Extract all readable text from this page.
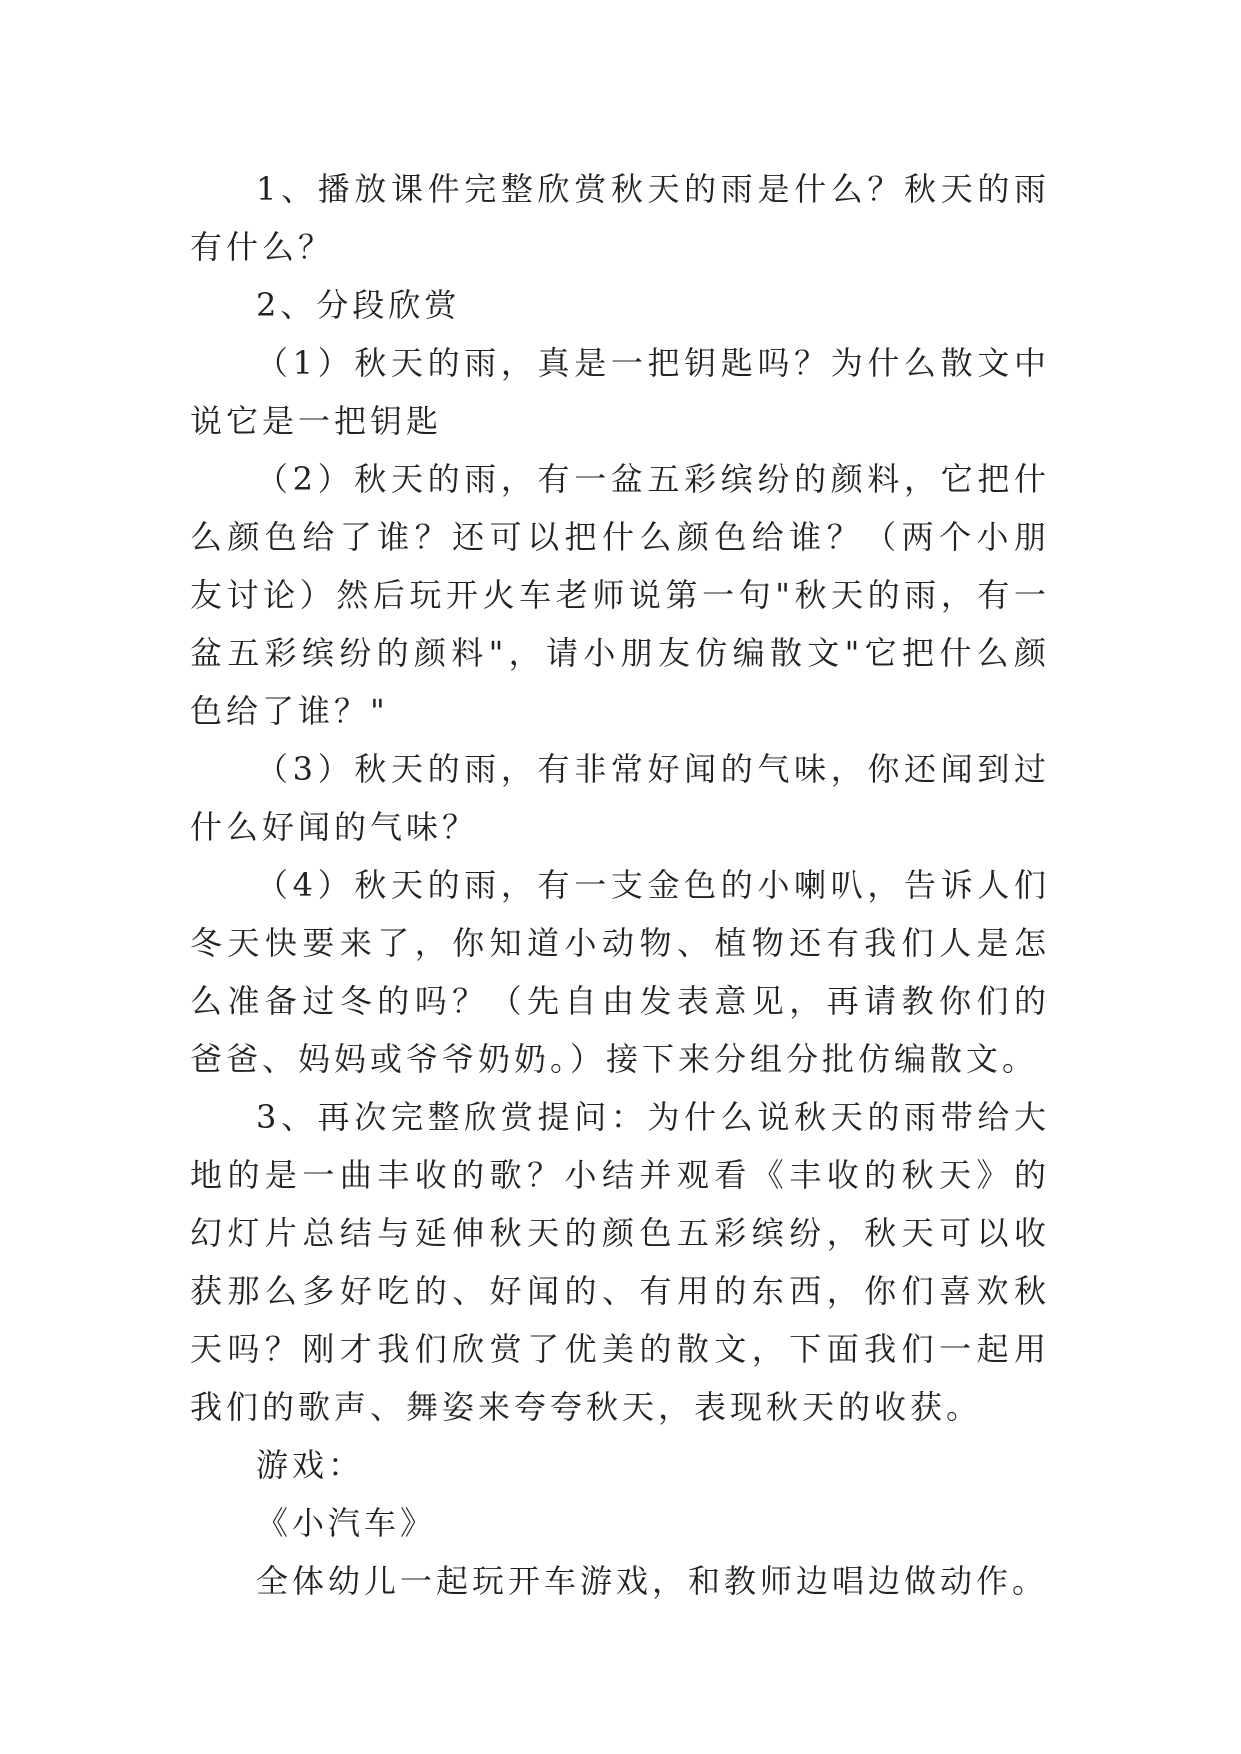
1、播放课件完整欣赏秋天的雨是什么？秋天的雨有什么？

2、分段欣赏

（1）秋天的雨，真是一把钥匙吗？为什么散文中说它是一把钥匙

（2）秋天的雨，有一盆五彩缤纷的颜料，它把什么颜色给了谁？还可以把什么颜色给谁？（两个小朋友讨论）然后玩开火车老师说第一句"秋天的雨，有一盆五彩缤纷的颜料"，请小朋友仿编散文"它把什么颜色给了谁？"

（3）秋天的雨，有非常好闻的气味，你还闻到过什么好闻的气味？

（4）秋天的雨，有一支金色的小喇叭，告诉人们冬天快要来了，你知道小动物、植物还有我们人是怎么准备过冬的吗？（先自由发表意见，再请教你们的爸爸、妈妈或爷爷奶奶。）接下来分组分批仿编散文。

3、再次完整欣赏提问：为什么说秋天的雨带给大地的是一曲丰收的歌？小结并观看《丰收的秋天》的幻灯片总结与延伸秋天的颜色五彩缤纷，秋天可以收获那么多好吃的、好闻的、有用的东西，你们喜欢秋天吗？刚才我们欣赏了优美的散文，下面我们一起用我们的歌声、舞姿来夸夸秋天，表现秋天的收获。

游戏：

《小汽车》

全体幼儿一起玩开车游戏，和教师边唱边做动作。
